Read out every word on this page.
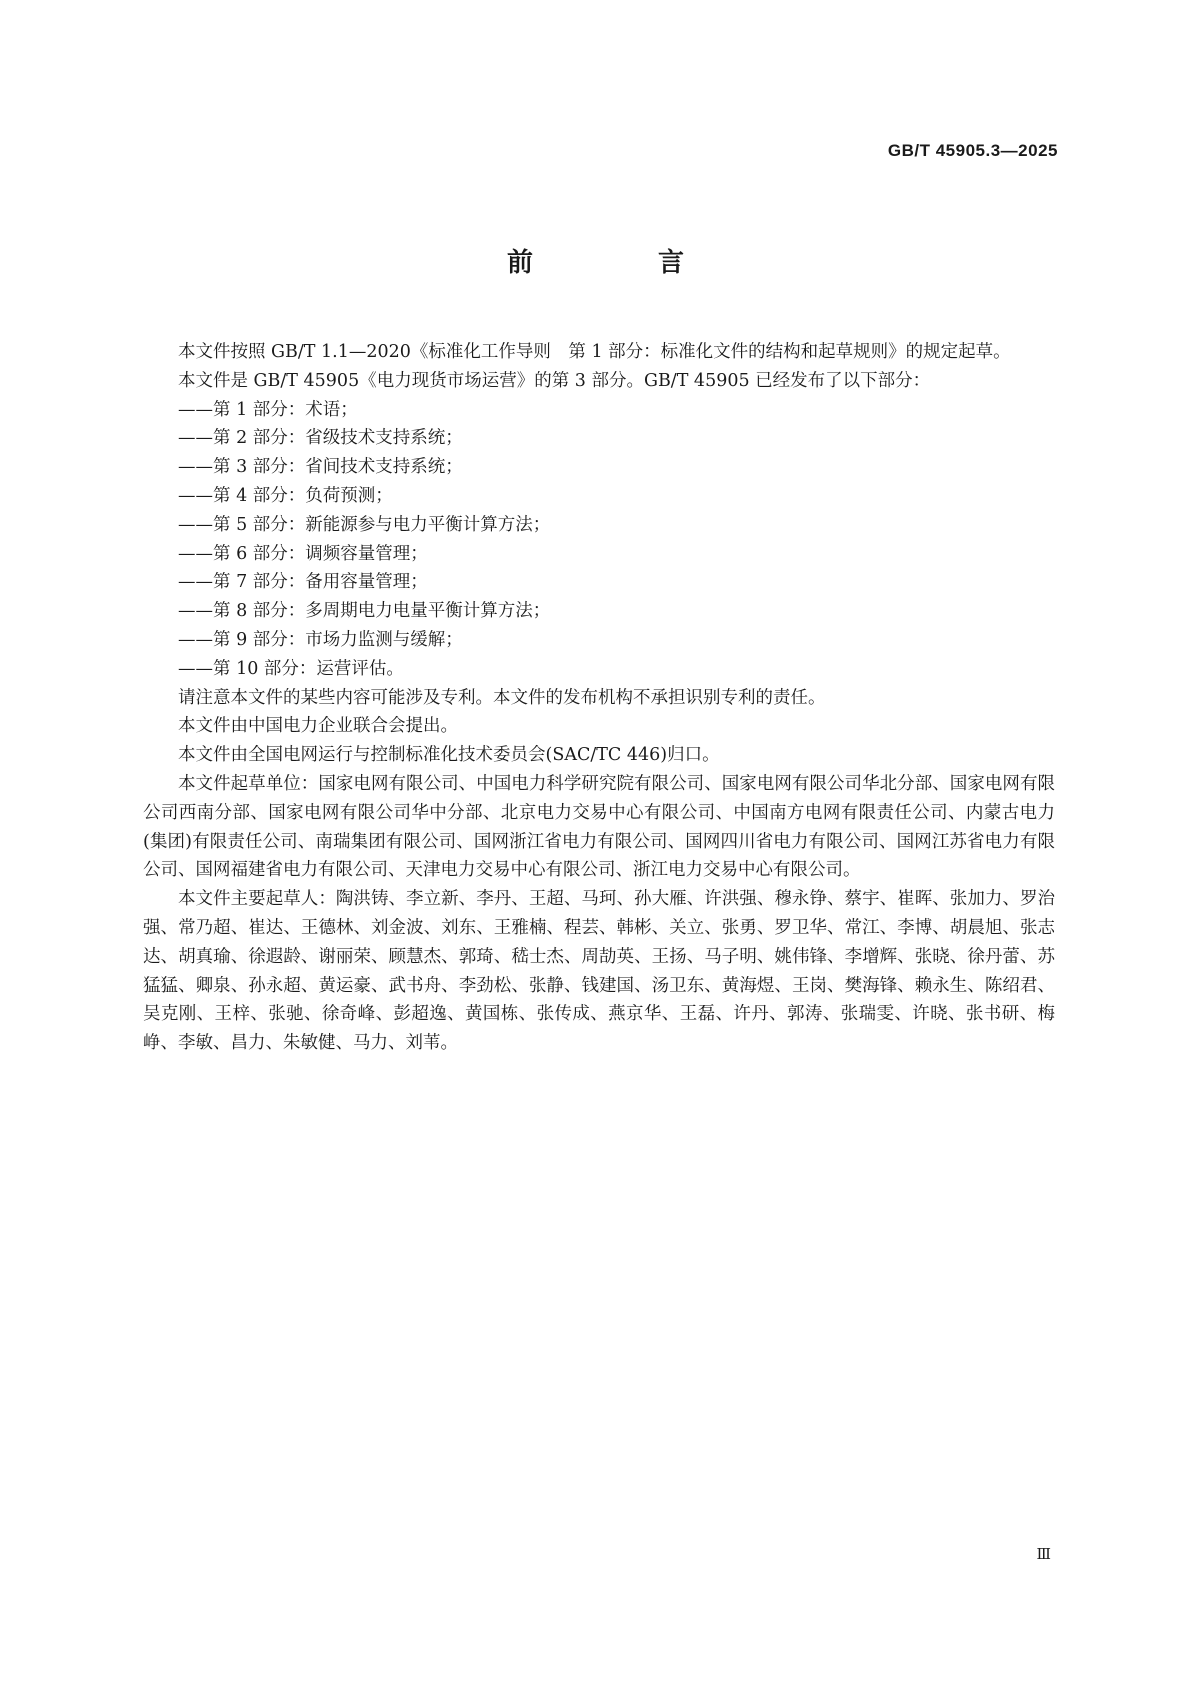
GB/T 45905.3—2025
前 言

本文件按照 GB/T 1.1—2020《标准化工作导则　第 1 部分：标准化文件的结构和起草规则》的规定起草。

本文件是 GB/T 45905《电力现货市场运营》的第 3 部分。GB/T 45905 已经发布了以下部分：

——第 1 部分：术语；

——第 2 部分：省级技术支持系统；

——第 3 部分：省间技术支持系统；

——第 4 部分：负荷预测；

——第 5 部分：新能源参与电力平衡计算方法；

——第 6 部分：调频容量管理；

——第 7 部分：备用容量管理；

——第 8 部分：多周期电力电量平衡计算方法；

——第 9 部分：市场力监测与缓解；

——第 10 部分：运营评估。

请注意本文件的某些内容可能涉及专利。本文件的发布机构不承担识别专利的责任。

本文件由中国电力企业联合会提出。

本文件由全国电网运行与控制标准化技术委员会(SAC/TC 446)归口。

本文件起草单位：国家电网有限公司、中国电力科学研究院有限公司、国家电网有限公司华北分部、国家电网有限公司西南分部、国家电网有限公司华中分部、北京电力交易中心有限公司、中国南方电网有限责任公司、内蒙古电力(集团)有限责任公司、南瑞集团有限公司、国网浙江省电力有限公司、国网四川省电力有限公司、国网江苏省电力有限公司、国网福建省电力有限公司、天津电力交易中心有限公司、浙江电力交易中心有限公司。

本文件主要起草人：陶洪铸、李立新、李丹、王超、马珂、孙大雁、许洪强、穆永铮、蔡宇、崔晖、张加力、罗治强、常乃超、崔达、王德林、刘金波、刘东、王雅楠、程芸、韩彬、关立、张勇、罗卫华、常江、李博、胡晨旭、张志达、胡真瑜、徐遐龄、谢丽荣、顾慧杰、郭琦、嵇士杰、周劼英、王扬、马子明、姚伟锋、李增辉、张晓、徐丹蕾、苏猛猛、卿泉、孙永超、黄运豪、武书舟、李劲松、张静、钱建国、汤卫东、黄海煜、王岗、樊海锋、赖永生、陈绍君、吴克刚、王梓、张驰、徐奇峰、彭超逸、黄国栋、张传成、燕京华、王磊、许丹、郭涛、张瑞雯、许晓、张书研、梅峥、李敏、昌力、朱敏健、马力、刘苇。

Ⅲ
